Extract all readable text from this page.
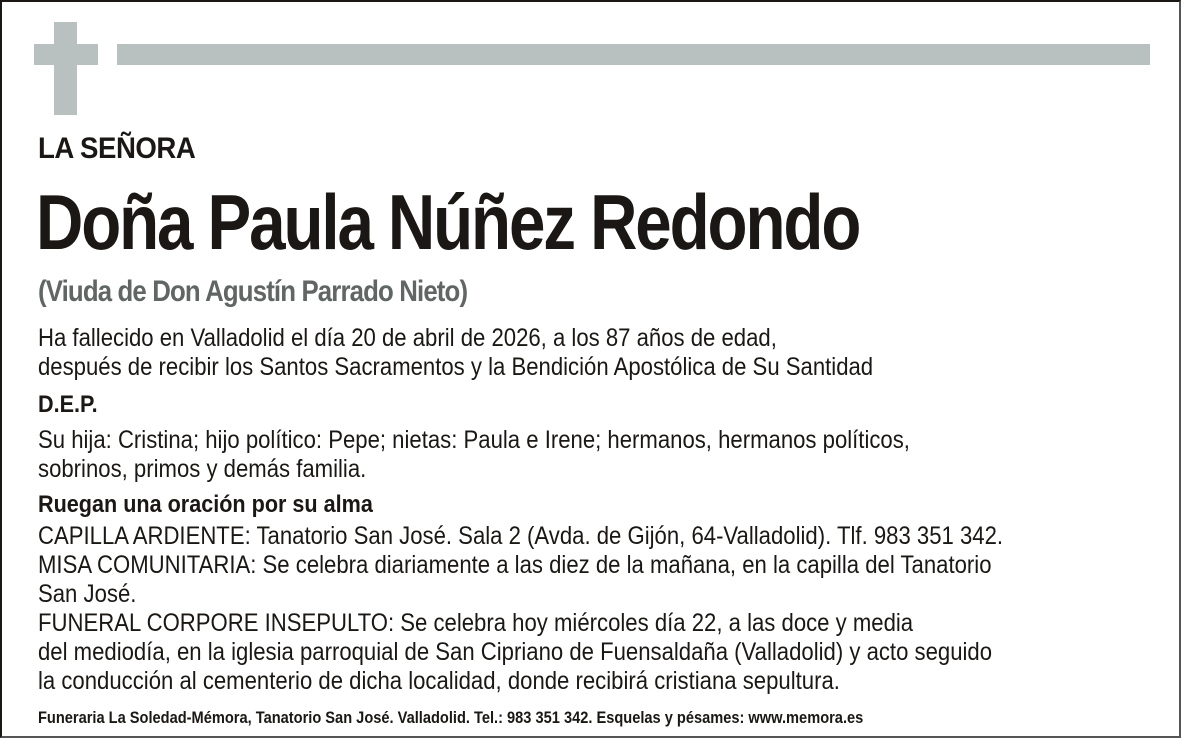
LA SEÑORA
Doña Paula Núñez Redondo
(Viuda de Don Agustín Parrado Nieto)
Ha fallecido en Valladolid el día 20 de abril de 2026, a los 87 años de edad,
después de recibir los Santos Sacramentos y la Bendición Apostólica de Su Santidad
D.E.P.
Su hija: Cristina; hijo político: Pepe; nietas: Paula e Irene; hermanos, hermanos políticos,
sobrinos, primos y demás familia.
Ruegan una oración por su alma
CAPILLA ARDIENTE: Tanatorio San José. Sala 2 (Avda. de Gijón, 64-Valladolid). Tlf. 983 351 342.
MISA COMUNITARIA: Se celebra diariamente a las diez de la mañana, en la capilla del Tanatorio
San José.
FUNERAL CORPORE INSEPULTO: Se celebra hoy miércoles día 22, a las doce y media
del mediodía, en la iglesia parroquial de San Cipriano de Fuensaldaña (Valladolid) y acto seguido
la conducción al cementerio de dicha localidad, donde recibirá cristiana sepultura.
Funeraria La Soledad-Mémora, Tanatorio San José. Valladolid. Tel.: 983 351 342. Esquelas y pésames: www.memora.es
